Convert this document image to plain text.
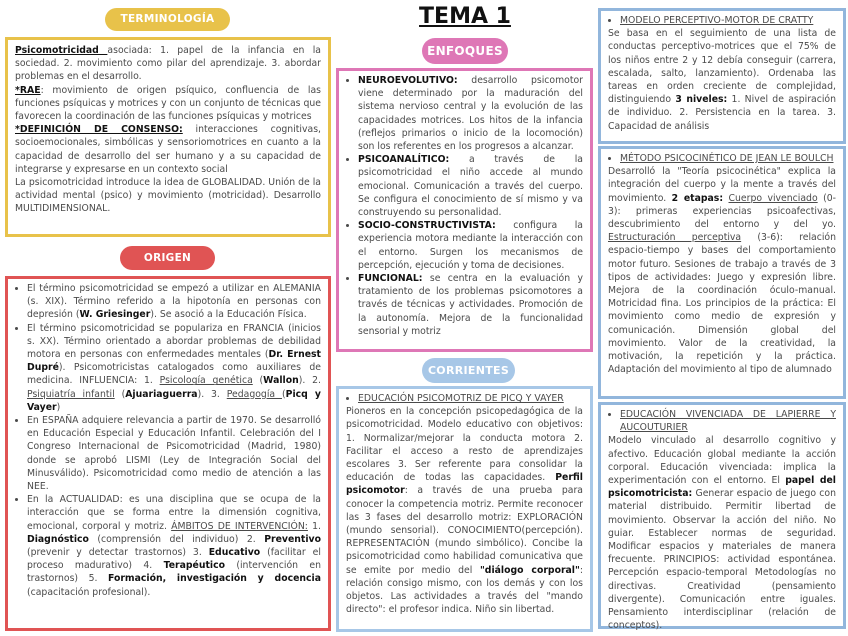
TEMA 1
TERMINOLOGÍA

Psicomotricidad asociada: 1. papel de la infancia en la sociedad. 2. movimiento como pilar del aprendizaje. 3. abordar problemas en el desarrollo.

*RAE: movimiento de origen psíquico, confluencia de las funciones psíquicas y motrices y con un conjunto de técnicas que favorecen la coordinación de las funciones psíquicas y motrices

*DEFINICIÓN DE CONSENSO: interacciones cognitivas, socioemocionales, simbólicas y sensoriomotrices en cuanto a la capacidad de desarrollo del ser humano y a su capacidad de integrarse y expresarse en un contexto social

La psicomotricidad introduce la idea de GLOBALIDAD. Unión de la actividad mental (psico) y movimiento (motricidad). Desarrollo MULTIDIMENSIONAL.

ORIGEN
• El término psicomotricidad se empezó a utilizar en ALEMANIA (s. XIX). Término referido a la hipotonía en personas con depresión (W. Griesinger). Se asoció a la Educación Física.
• El término psicomotricidad se populariza en FRANCIA (inicios s. XX). Término orientado a abordar problemas de debilidad motora en personas con enfermedades mentales (Dr. Ernest Dupré). Psicomotricistas catalogados como auxiliares de medicina. INFLUENCIA: 1. Psicología genética (Wallon). 2. Psiquiatría infantil (Ajuariaguerra). 3. Pedagogía (Picq y Vayer)
• En ESPAÑA adquiere relevancia a partir de 1970. Se desarrolló en Educación Especial y Educación Infantil. Celebración del I Congreso Internacional de Psicomotricidad (Madrid, 1980) donde se aprobó LISMI (Ley de Integración Social del Minusválido). Psicomotricidad como medio de atención a las NEE.
• En la ACTUALIDAD: es una disciplina que se ocupa de la interacción que se forma entre la dimensión cognitiva, emocional, corporal y motriz. ÁMBITOS DE INTERVENCIÓN: 1. Diagnóstico (comprensión del individuo) 2. Preventivo (prevenir y detectar trastornos) 3. Educativo (facilitar el proceso madurativo) 4. Terapéutico (intervención en trastornos) 5. Formación, investigación y docencia (capacitación profesional).
ENFOQUES
• NEUROEVOLUTIVO: desarrollo psicomotor viene determinado por la maduración del sistema nervioso central y la evolución de las capacidades motrices. Los hitos de la infancia (reflejos primarios o inicio de la locomoción) son los referentes en los progresos a alcanzar.
• PSICOANALÍTICO: a través de la psicomotricidad el niño accede al mundo emocional. Comunicación a través del cuerpo. Se configura el conocimiento de sí mismo y va construyendo su personalidad.
• SOCIO-CONSTRUCTIVISTA: configura la experiencia motora mediante la interacción con el entorno. Surgen los mecanismos de percepción, ejecución y toma de decisiones.
• FUNCIONAL: se centra en la evaluación y tratamiento de los problemas psicomotores a través de técnicas y actividades. Promoción de la autonomía. Mejora de la funcionalidad sensorial y motriz
CORRIENTES
• EDUCACIÓN PSICOMOTRIZ DE PICQ Y VAYER

Pioneros en la concepción psicopedagógica de la psicomotricidad. Modelo educativo con objetivos: 1. Normalizar/mejorar la conducta motora 2. Facilitar el acceso a resto de aprendizajes escolares 3. Ser referente para consolidar la educación de todas las capacidades. Perfil psicomotor: a través de una prueba para conocer la competencia motriz. Permite reconocer las 3 fases del desarrollo motriz: EXPLORACIÓN (mundo sensorial). CONOCIMIENTO(percepción). REPRESENTACIÓN (mundo simbólico). Concibe la psicomotricidad como habilidad comunicativa que se emite por medio del "diálogo corporal": relación consigo mismo, con los demás y con los objetos. Las actividades a través del "mando directo": el profesor indica. Niño sin libertad.

• MODELO PERCEPTIVO-MOTOR DE CRATTY

Se basa en el seguimiento de una lista de conductas perceptivo-motrices que el 75% de los niños entre 2 y 12 debía conseguir (carrera, escalada, salto, lanzamiento). Ordenaba las tareas en orden creciente de complejidad, distinguiendo 3 niveles: 1. Nivel de aspiración de individuo. 2. Persistencia en la tarea. 3. Capacidad de análisis

• MÉTODO PSICOCINÉTICO DE JEAN LE BOULCH

Desarrolló la "Teoría psicocinética" explica la integración del cuerpo y la mente a través del movimiento. 2 etapas: Cuerpo vivenciado (0-3): primeras experiencias psicoafectivas, descubrimiento del entorno y del yo. Estructuración perceptiva (3-6): relación espacio-tiempo y bases del comportamiento motor futuro. Sesiones de trabajo a través de 3 tipos de actividades: Juego y expresión libre. Mejora de la coordinación óculo-manual. Motricidad fina. Los principios de la práctica: El movimiento como medio de expresión y comunicación. Dimensión global del movimiento. Valor de la creatividad, la motivación, la repetición y la práctica. Adaptación del movimiento al tipo de alumnado

• EDUCACIÓN VIVENCIADA DE LAPIERRE Y AUCOUTURIER

Modelo vinculado al desarrollo cognitivo y afectivo. Educación global mediante la acción corporal. Educación vivenciada: implica la experimentación con el entorno. El papel del psicomotricista: Generar espacio de juego con material distribuido. Permitir libertad de movimiento. Observar la acción del niño. No guiar. Establecer normas de seguridad. Modificar espacios y materiales de manera frecuente. PRINCIPIOS: actividad espontánea. Percepción espacio-temporal Metodologías no directivas. Creatividad (pensamiento divergente). Comunicación entre iguales. Pensamiento interdisciplinar (relación de conceptos).
